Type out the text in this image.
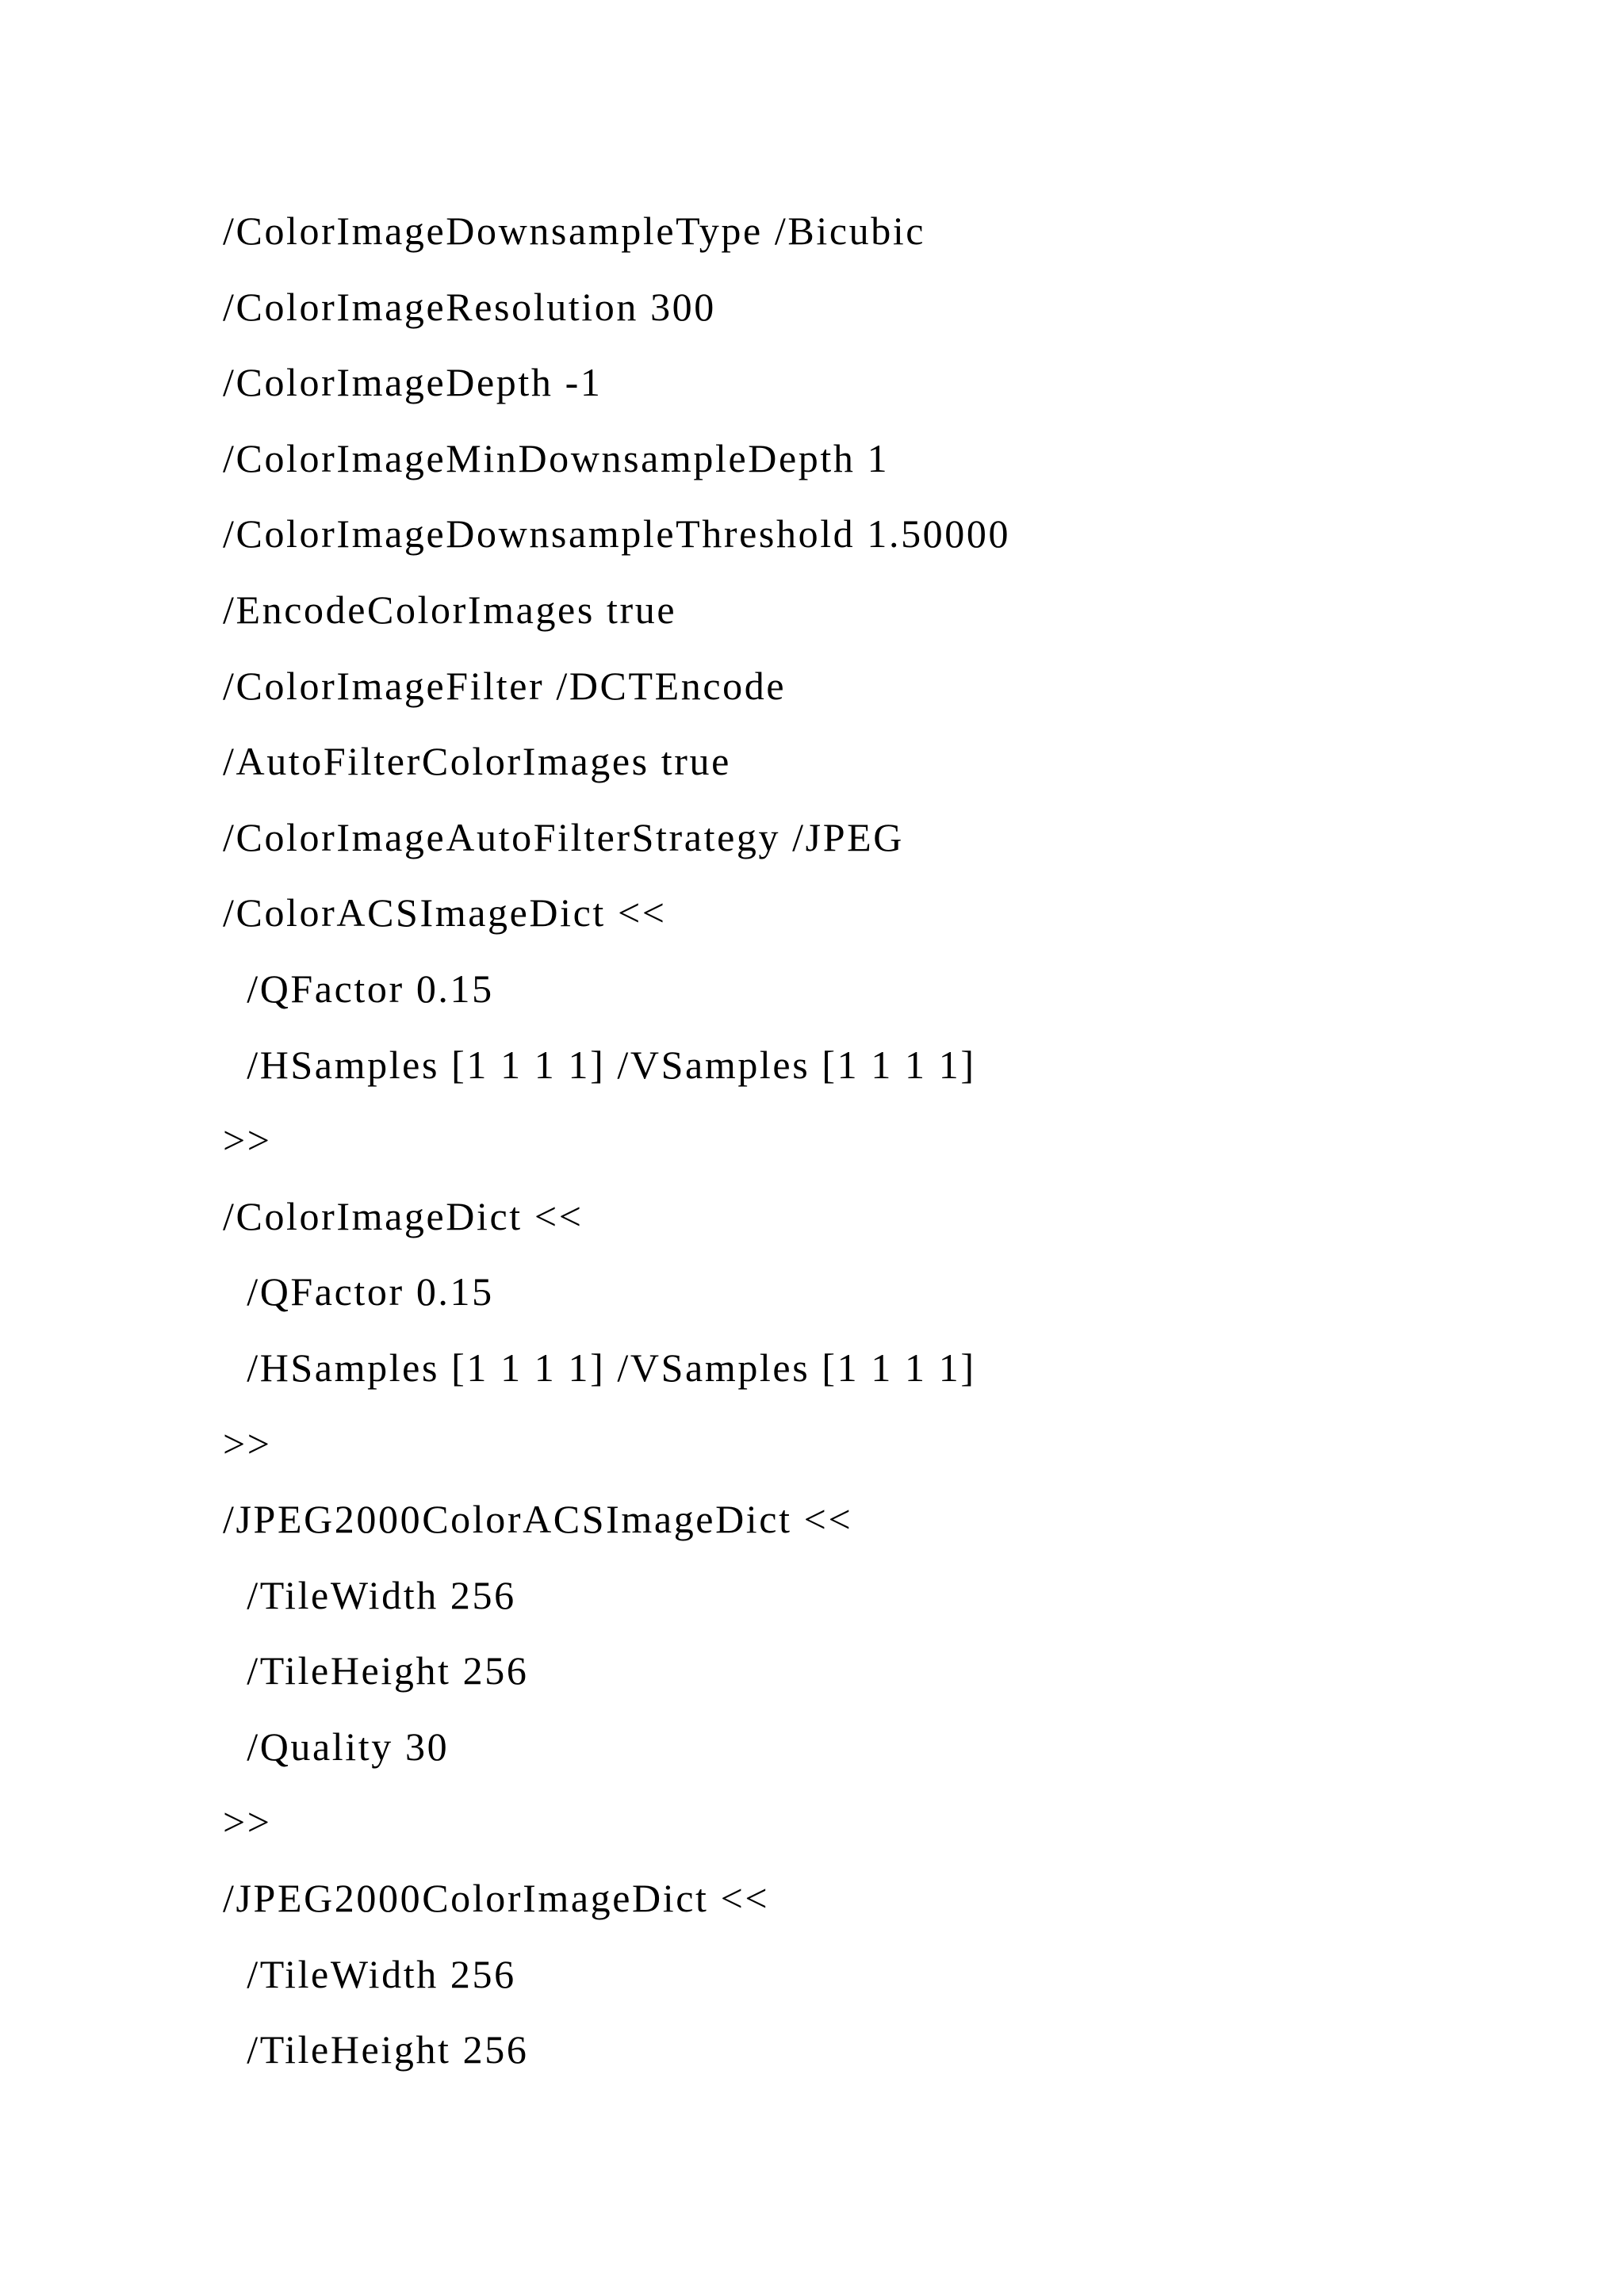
/ColorImageDownsampleType /Bicubic
/ColorImageResolution 300
/ColorImageDepth -1
/ColorImageMinDownsampleDepth 1
/ColorImageDownsampleThreshold 1.50000
/EncodeColorImages true
/ColorImageFilter /DCTEncode
/AutoFilterColorImages true
/ColorImageAutoFilterStrategy /JPEG
/ColorACSImageDict <<
/QFactor 0.15
/HSamples [1 1 1 1] /VSamples [1 1 1 1]
>>
/ColorImageDict <<
/QFactor 0.15
/HSamples [1 1 1 1] /VSamples [1 1 1 1]
>>
/JPEG2000ColorACSImageDict <<
/TileWidth 256
/TileHeight 256
/Quality 30
>>
/JPEG2000ColorImageDict <<
/TileWidth 256
/TileHeight 256
